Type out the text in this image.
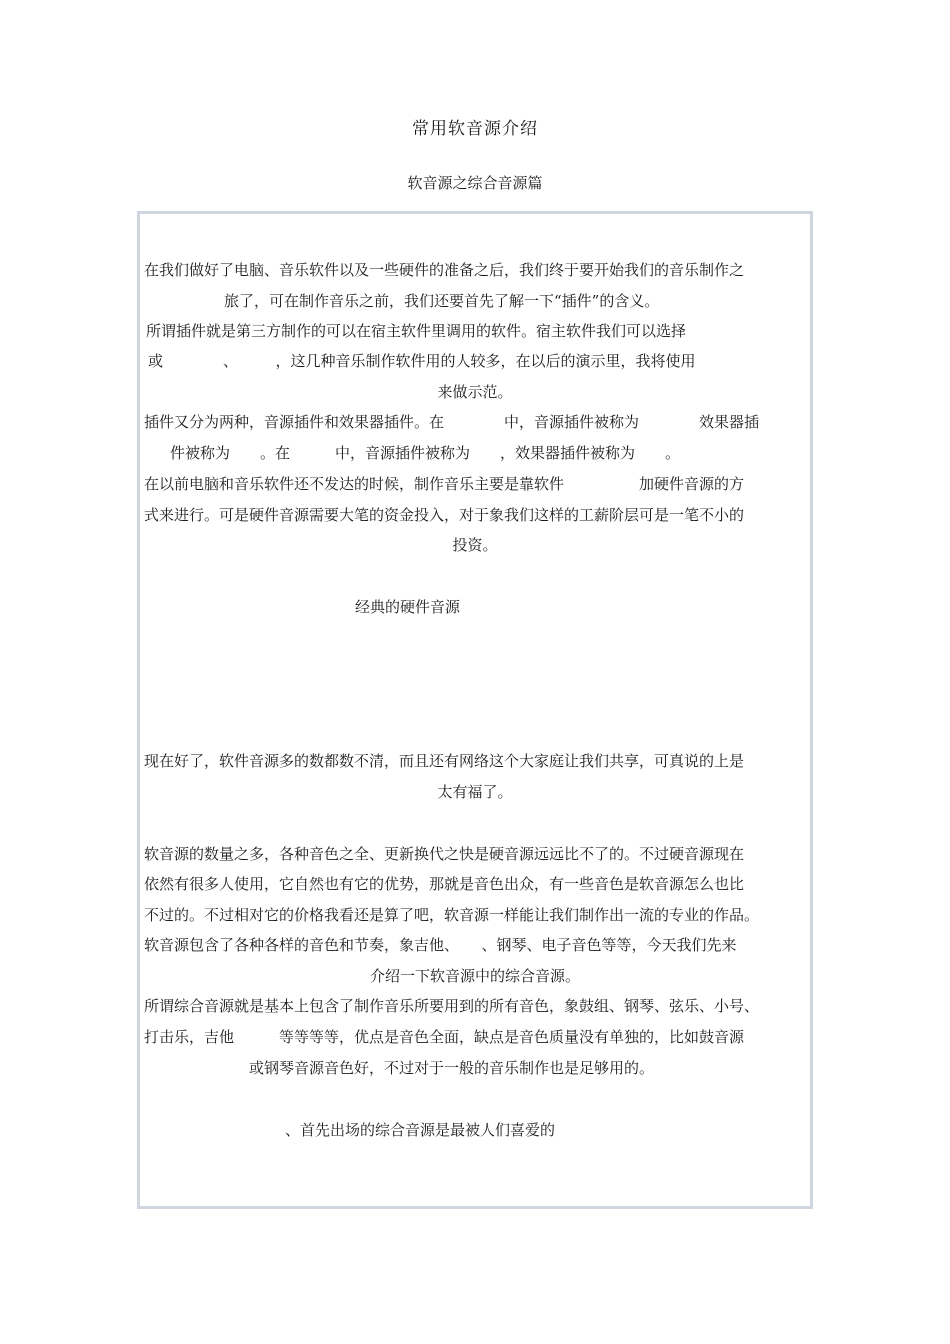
常用软音源介绍
软音源之综合音源篇
在我们做好了电脑、音乐软件以及一些硬件的准备之后，我们终于要开始我们的音乐制作之
旅了，可在制作音乐之前，我们还要首先了解一下“插件”的含义。
所谓插件就是第三方制作的可以在宿主软件里调用的软件。宿主软件我们可以选择
或　　　　、　　　，这几种音乐制作软件用的人较多，在以后的演示里，我将使用
来做示范。
插件又分为两种，音源插件和效果器插件。在　　　　中，音源插件被称为　　　　效果器插
件被称为　　。在　　　中，音源插件被称为　　，效果器插件被称为　　。
在以前电脑和音乐软件还不发达的时候，制作音乐主要是靠软件　　　　　加硬件音源的方
式来进行。可是硬件音源需要大笔的资金投入，对于象我们这样的工薪阶层可是一笔不小的
投资。
经典的硬件音源
现在好了，软件音源多的数都数不清，而且还有网络这个大家庭让我们共享，可真说的上是
太有福了。
软音源的数量之多，各种音色之全、更新换代之快是硬音源远远比不了的。不过硬音源现在
依然有很多人使用，它自然也有它的优势，那就是音色出众，有一些音色是软音源怎么也比
不过的。不过相对它的价格我看还是算了吧，软音源一样能让我们制作出一流的专业的作品。
软音源包含了各种各样的音色和节奏，象吉他、　　、钢琴、电子音色等等，今天我们先来
介绍一下软音源中的综合音源。
所谓综合音源就是基本上包含了制作音乐所要用到的所有音色，象鼓组、钢琴、弦乐、小号、
打击乐，吉他　　　等等等等，优点是音色全面，缺点是音色质量没有单独的，比如鼓音源
或钢琴音源音色好，不过对于一般的音乐制作也是足够用的。
、首先出场的综合音源是最被人们喜爱的
